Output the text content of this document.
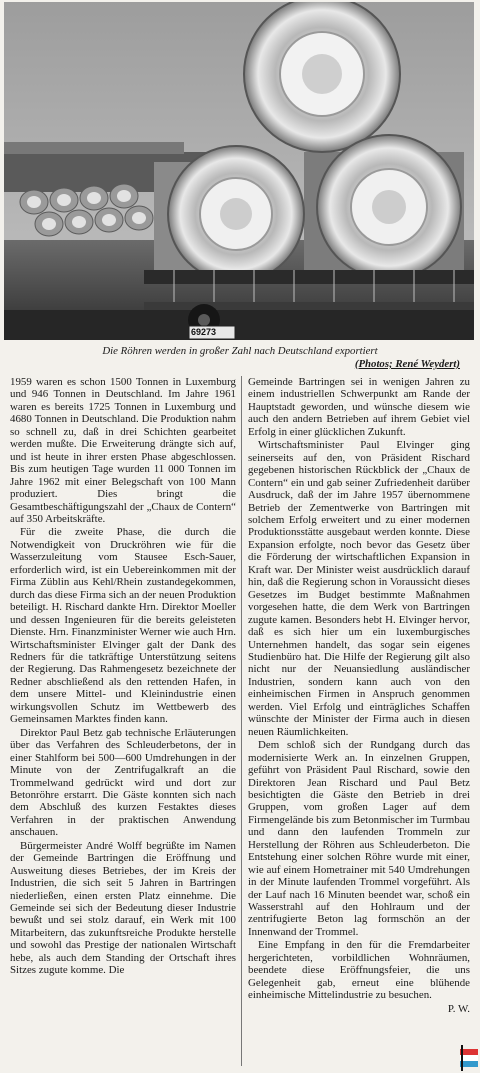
69273
Die Röhren werden in großer Zahl nach Deutschland exportiert
(Photos; René Weydert)

1959 waren es schon 1500 Tonnen in Luxemburg und 946 Tonnen in Deutschland. Im Jahre 1961 waren es bereits 1725 Tonnen in Luxemburg und 4680 Tonnen in Deutschland. Die Produktion nahm so schnell zu, daß in drei Schichten gearbeitet werden mußte. Die Erweiterung drängte sich auf, und ist heute in ihrer ersten Phase abgeschlossen. Bis zum heutigen Tage wurden 11 000 Tonnen im Jahre 1962 mit einer Belegschaft von 100 Mann produziert. Dies bringt die Gesamtbeschäftigungszahl der „Chaux de Contern“ auf 350 Arbeitskräfte.

Für die zweite Phase, die durch die Notwendigkeit von Druckröhren wie für die Wasserzuleitung vom Stausee Esch-Sauer, erforderlich wird, ist ein Uebereinkommen mit der Firma Züblin aus Kehl/Rhein zustandegekommen, durch das diese Firma sich an der neuen Produktion beteiligt. H. Rischard dankte Hrn. Direktor Moeller und dessen Ingenieuren für die bereits geleisteten Dienste. Hrn. Finanzminister Werner wie auch Hrn. Wirtschaftsminister Elvinger galt der Dank des Redners für die tatkräftige Unterstützung seitens der Regierung. Das Rahmengesetz bezeichnete der Redner abschließend als den rettenden Hafen, in dem unsere Mittel- und Kleinindustrie einen wirkungsvollen Schutz im Wettbewerb des Gemeinsamen Marktes finden kann.

Direktor Paul Betz gab technische Erläuterungen über das Verfahren des Schleuderbetons, der in einer Stahlform bei 500—600 Umdrehungen in der Minute von der Zentrifugalkraft an die Trommelwand gedrückt wird und dort zur Betonröhre erstarrt. Die Gäste konnten sich nach dem Abschluß des kurzen Festaktes dieses Verfahren in der praktischen Anwendung anschauen.

Bürgermeister André Wolff begrüßte im Namen der Gemeinde Bartringen die Eröffnung und Ausweitung dieses Betriebes, der im Kreis der Industrien, die sich seit 5 Jahren in Bartringen niederließen, einen ersten Platz einnehme. Die Gemeinde sei sich der Bedeutung dieser Industrie bewußt und sei stolz darauf, ein Werk mit 100 Mitarbeitern, das zukunftsreiche Produkte herstelle und sowohl das Prestige der nationalen Wirtschaft hebe, als auch dem Standing der Ortschaft ihres Sitzes zugute komme. Die

Gemeinde Bartringen sei in wenigen Jahren zu einem industriellen Schwerpunkt am Rande der Hauptstadt geworden, und wünsche diesem wie auch den andern Betrieben auf ihrem Gebiet viel Erfolg in einer glücklichen Zukunft.

Wirtschaftsminister Paul Elvinger ging seinerseits auf den, von Präsident Rischard gegebenen historischen Rückblick der „Chaux de Contern“ ein und gab seiner Zufriedenheit darüber Ausdruck, daß der im Jahre 1957 übernommene Betrieb der Zementwerke von Bartringen mit solchem Erfolg erweitert und zu einer modernen Produktionsstätte ausgebaut werden konnte. Diese Expansion erfolgte, noch bevor das Gesetz über die Förderung der wirtschaftlichen Expansion in Kraft war. Der Minister weist ausdrücklich darauf hin, daß die Regierung schon in Voraussicht dieses Gesetzes im Budget bestimmte Maßnahmen vorgesehen hatte, die dem Werk von Bartringen zugute kamen. Besonders hebt H. Elvinger hervor, daß es sich hier um ein luxemburgisches Unternehmen handelt, das sogar sein eigenes Studienbüro hat. Die Hilfe der Regierung gilt also nicht nur der Neuansiedlung ausländischer Industrien, sondern kann auch von den einheimischen Firmen in Anspruch genommen werden. Viel Erfolg und einträgliches Schaffen wünschte der Minister der Firma auch in diesen neuen Räumlichkeiten.

Dem schloß sich der Rundgang durch das modernisierte Werk an. In einzelnen Gruppen, geführt von Präsident Paul Rischard, sowie den Direktoren Jean Rischard und Paul Betz besichtigten die Gäste den Betrieb in drei Gruppen, vom großen Lager auf dem Firmengelände bis zum Betonmischer im Turmbau und dann den laufenden Trommeln zur Herstellung der Röhren aus Schleuderbeton. Die Entstehung einer solchen Röhre wurde mit einer, wie auf einem Hometrainer mit 540 Umdrehungen in der Minute laufenden Trommel vorgeführt. Als der Lauf nach 16 Minuten beendet war, schoß ein Wasserstrahl auf den Hohlraum und der zentrifugierte Beton lag formschön an der Innenwand der Trommel.

Eine Empfang in den für die Fremdarbeiter hergerichteten, vorbildlichen Wohnräumen, beendete diese Eröffnungsfeier, die uns Gelegenheit gab, erneut eine blühende einheimische Mittelindustrie zu besuchen.

P. W.
